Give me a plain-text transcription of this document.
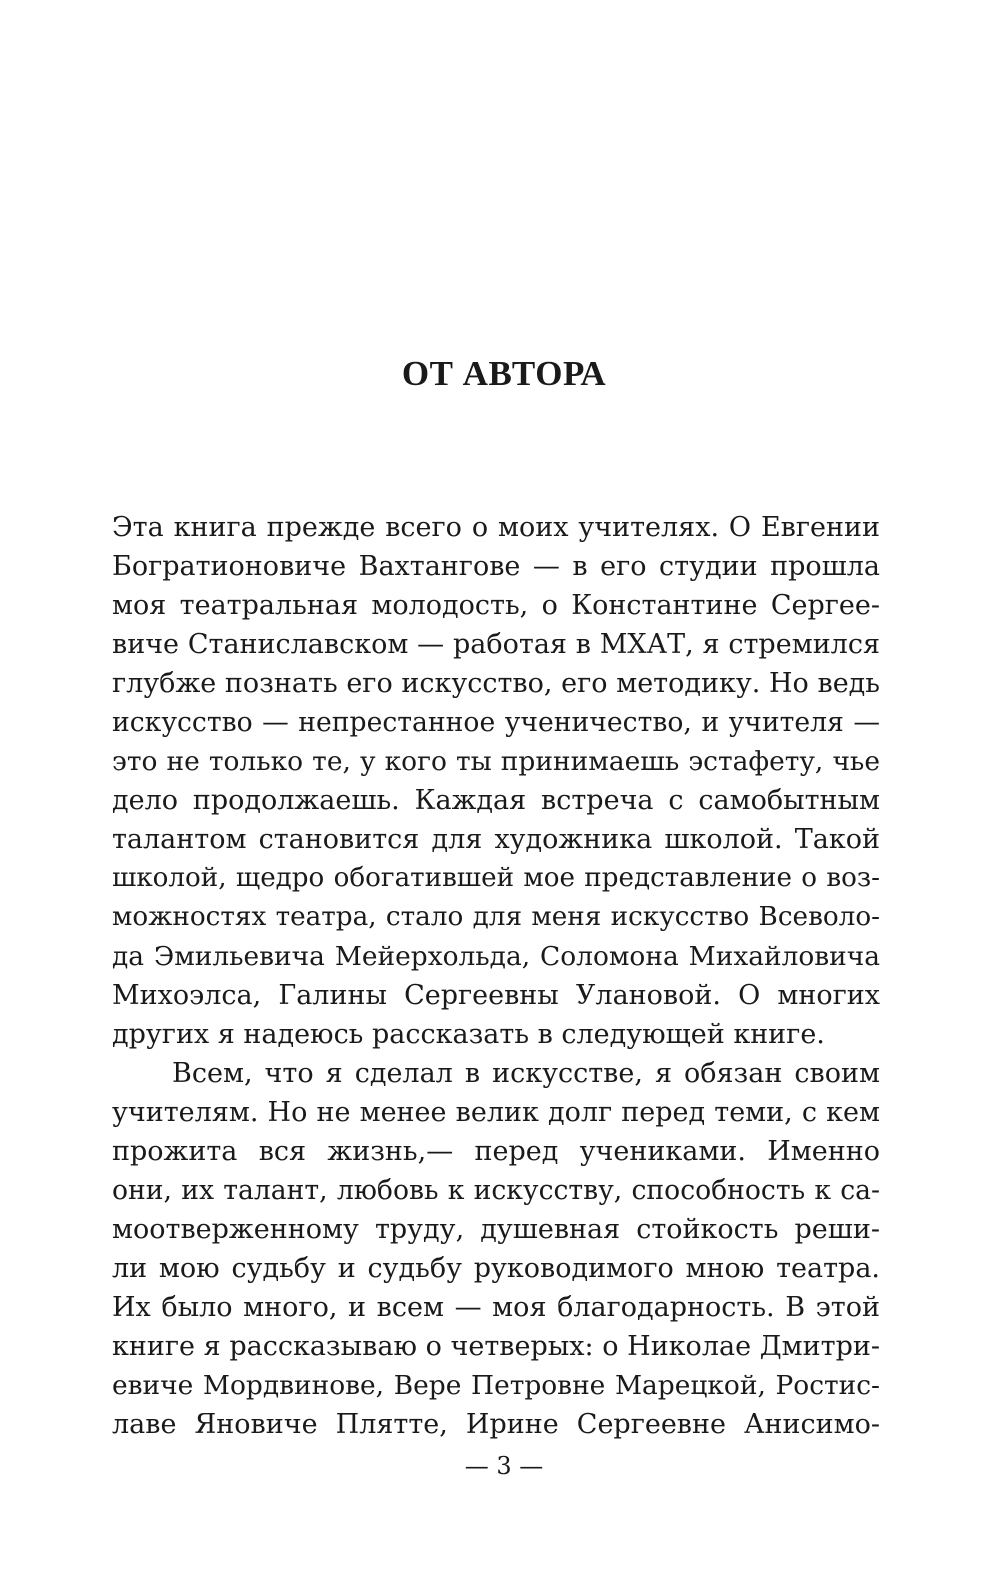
ОТ АВТОРА
Эта книга прежде всего о моих учителях. О Евгении
Богратионовиче Вахтангове — в его студии прошла
моя театральная молодость, о Константине Сергее-
виче Станиславском — работая в МХАТ, я стремился
глубже познать его искусство, его методику. Но ведь
искусство — непрестанное ученичество, и учителя —
это не только те, у кого ты принимаешь эстафету, чье
дело продолжаешь. Каждая встреча с самобытным
талантом становится для художника школой. Такой
школой, щедро обогатившей мое представление о воз-
можностях театра, стало для меня искусство Всеволо-
да Эмильевича Мейерхольда, Соломона Михайловича
Михоэлса, Галины Сергеевны Улановой. О многих
других я надеюсь рассказать в следующей книге.
Всем, что я сделал в искусстве, я обязан своим
учителям. Но не менее велик долг перед теми, с кем
прожита вся жизнь,— перед учениками. Именно
они, их талант, любовь к искусству, способность к са-
моотверженному труду, душевная стойкость реши-
ли мою судьбу и судьбу руководимого мною театра.
Их было много, и всем — моя благодарность. В этой
книге я рассказываю о четверых: о Николае Дмитри-
евиче Мордвинове, Вере Петровне Марецкой, Ростис-
лаве Яновиче Плятте, Ирине Сергеевне Анисимо-
— 3 —
